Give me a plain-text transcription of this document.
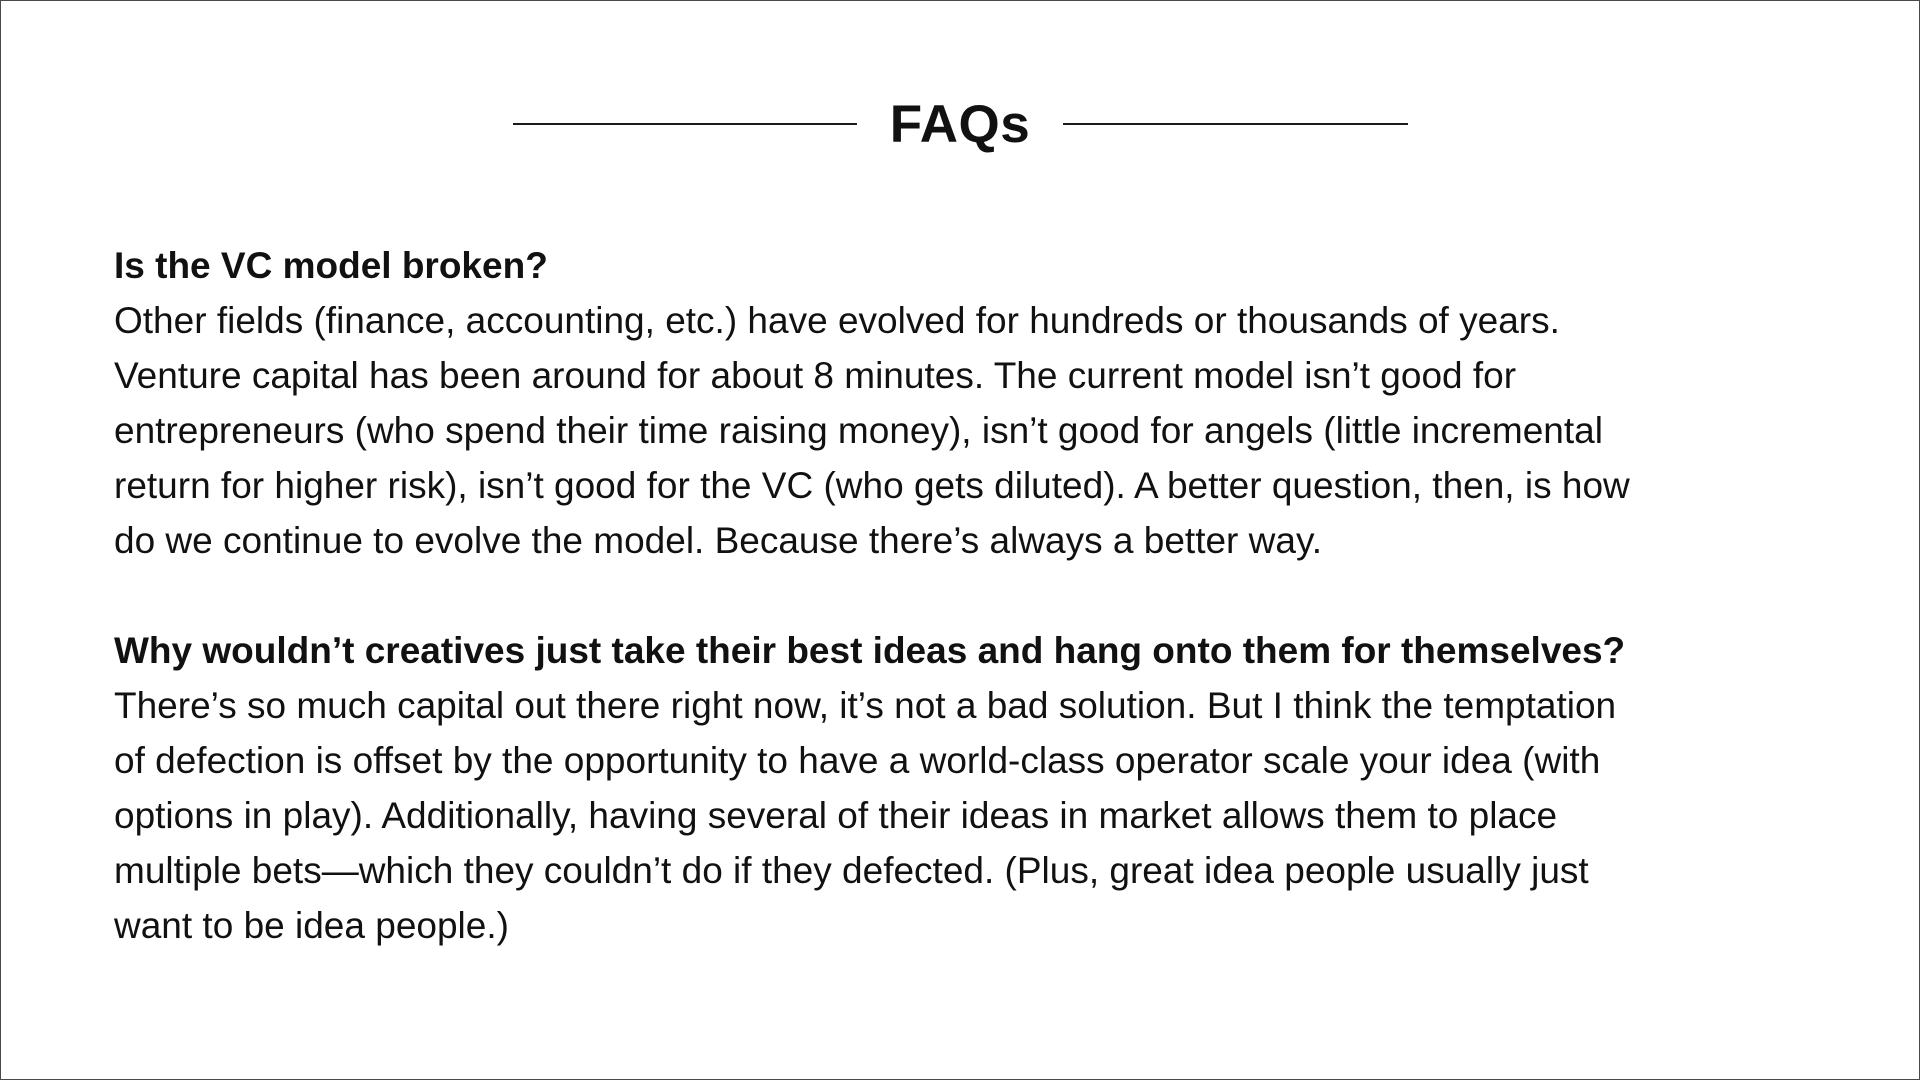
FAQs
Is the VC model broken?
Other fields (finance, accounting, etc.) have evolved for hundreds or thousands of years.
Venture capital has been around for about 8 minutes. The current model isn’t good for
entrepreneurs (who spend their time raising money), isn’t good for angels (little incremental
return for higher risk), isn’t good for the VC (who gets diluted). A better question, then, is how
do we continue to evolve the model. Because there’s always a better way.
Why wouldn’t creatives just take their best ideas and hang onto them for themselves?
There’s so much capital out there right now, it’s not a bad solution. But I think the temptation
of defection is offset by the opportunity to have a world-class operator scale your idea (with
options in play). Additionally, having several of their ideas in market allows them to place
multiple bets—which they couldn’t do if they defected. (Plus, great idea people usually just
want to be idea people.)
